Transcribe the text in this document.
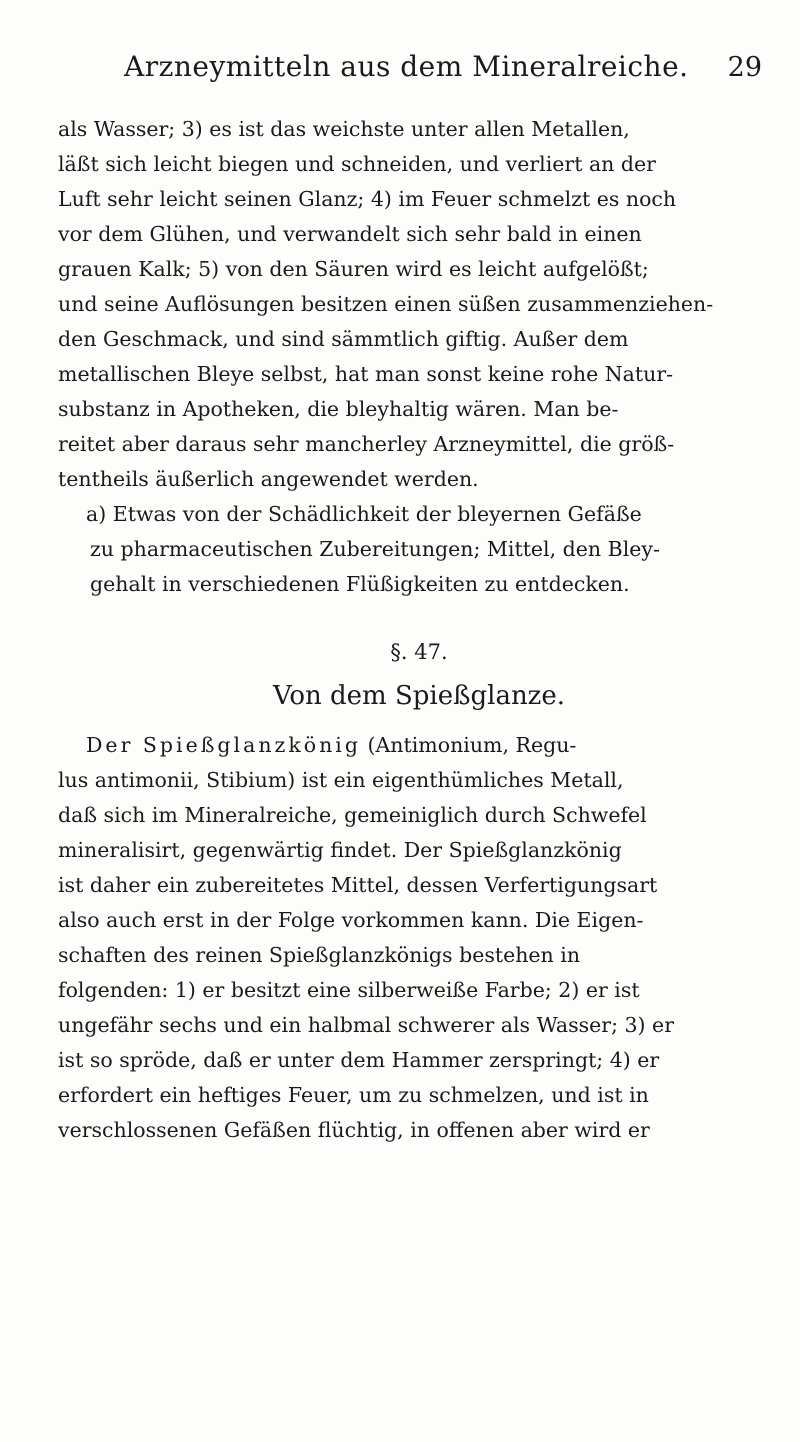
Arzneymitteln aus dem Mineralreiche. 29
als Wasser; 3) es ist das weichste unter allen Metallen,
läßt sich leicht biegen und schneiden, und verliert an der
Luft sehr leicht seinen Glanz; 4) im Feuer schmelzt es noch
vor dem Glühen, und verwandelt sich sehr bald in einen
grauen Kalk; 5) von den Säuren wird es leicht aufgelößt;
und seine Auflösungen besitzen einen süßen zusammenziehen-
den Geschmack, und sind sämmtlich giftig. Außer dem
metallischen Bleye selbst, hat man sonst keine rohe Natur-
substanz in Apotheken, die bleyhaltig wären. Man be-
reitet aber daraus sehr mancherley Arzneymittel, die größ-
tentheils äußerlich angewendet werden.
a) Etwas von der Schädlichkeit der bleyernen Gefäße
zu pharmaceutischen Zubereitungen; Mittel, den Bley-
gehalt in verschiedenen Flüßigkeiten zu entdecken.
§. 47.
Von dem Spießglanze.
Der Spießglanzkönig (Antimonium, Regu-
lus antimonii, Stibium) ist ein eigenthümliches Metall,
daß sich im Mineralreiche, gemeiniglich durch Schwefel
mineralisirt, gegenwärtig findet. Der Spießglanzkönig
ist daher ein zubereitetes Mittel, dessen Verfertigungsart
also auch erst in der Folge vorkommen kann. Die Eigen-
schaften des reinen Spießglanzkönigs bestehen in
folgenden: 1) er besitzt eine silberweiße Farbe; 2) er ist
ungefähr sechs und ein halbmal schwerer als Wasser; 3) er
ist so spröde, daß er unter dem Hammer zerspringt; 4) er
erfordert ein heftiges Feuer, um zu schmelzen, und ist in
verschlossenen Gefäßen flüchtig, in offenen aber wird er
